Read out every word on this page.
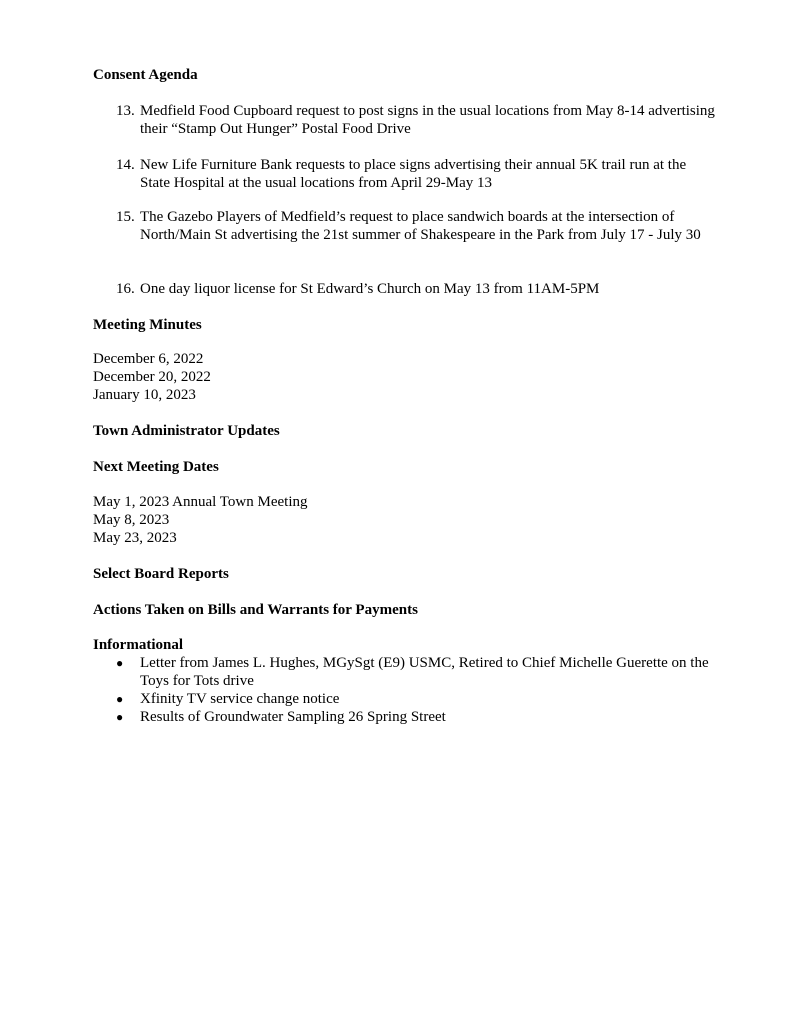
Consent Agenda
13. Medfield Food Cupboard request to post signs in the usual locations from May 8-14 advertising their “Stamp Out Hunger” Postal Food Drive
14. New Life Furniture Bank requests to place signs advertising their annual 5K trail run at the State Hospital at the usual locations from April 29-May 13
15. The Gazebo Players of Medfield’s request to place sandwich boards at the intersection of North/Main St advertising the 21st summer of Shakespeare in the Park from July 17 - July 30
16. One day liquor license for St Edward’s Church on May 13 from 11AM-5PM
Meeting Minutes

December 6, 2022

December 20, 2022

January 10, 2023

Town Administrator Updates
Next Meeting Dates

May 1, 2023 Annual Town Meeting

May 8, 2023

May 23, 2023

Select Board Reports
Actions Taken on Bills and Warrants for Payments
Informational
● Letter from James L. Hughes, MGySgt (E9) USMC, Retired to Chief Michelle Guerette on the Toys for Tots drive
● Xfinity TV service change notice
● Results of Groundwater Sampling 26 Spring Street
